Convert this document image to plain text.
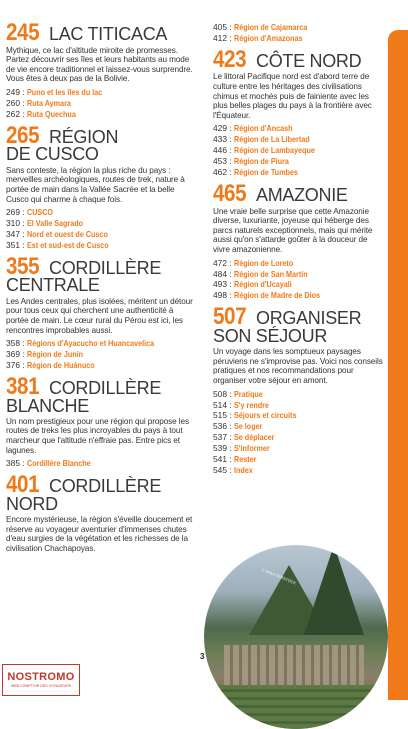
245 LAC TITICACA
Mythique, ce lac d'altitude miroite de promesses. Partez découvrir ses îles et leurs habitants au mode de vie encore traditionnel et laissez-vous surprendre. Vous êtes à deux pas de la Bolivie.
249 : Puno et les îles du lac
260 : Ruta Aymara
262 : Ruta Quechua
265 RÉGION
DE CUSCO
Sans conteste, la région la plus riche du pays : merveilles archéologiques, routes de trek, nature à portée de main dans la Vallée Sacrée et la belle Cusco qui charme à chaque fois.
269 : CUSCO
310 : El Valle Sagrado
347 : Nord et ouest de Cusco
351 : Est et sud-est de Cusco
355 CORDILLÈRE
CENTRALE
Les Andes centrales, plus isolées, méritent un détour pour tous ceux qui cherchent une authenticité à portée de main. Le cœur rural du Pérou est ici, les rencontres improbables aussi.
358 : Régions d'Ayacucho et Huancavelica
369 : Région de Junín
376 : Région de Huánuco
381 CORDILLÈRE
BLANCHE
Un nom prestigieux pour une région qui propose les routes de treks les plus incroyables du pays à tout marcheur que l'altitude n'effraie pas. Entre pics et lagunes.
385 : Cordillère Blanche
401 CORDILLÈRE
NORD
Encore mystérieuse, la région s'éveille doucement et réserve au voyageur aventurier d'immenses chutes d'eau surgies de la végétation et les richesses de la civilisation Chachapoyas.
405 : Région de Cajamarca
412 : Région d'Amazonas
423 CÔTE NORD
Le littoral Pacifique nord est d'abord terre de culture entre les héritages des civilisations chimus et mochés puis de fainiente avec les plus belles plages du pays à la frontière avec l'Équateur.
429 : Région d'Ancash
433 : Région de La Libertad
446 : Région de Lambayeque
453 : Région de Piura
462 : Région de Tumbes
465 AMAZONIE
Une vraie belle surprise que cette Amazonie diverse, luxuriante, joyeuse qui héberge des parcs naturels exceptionnels, mais qui mérite aussi qu'on s'attarde goûter à la douceur de vivre amazonienne.
472 : Région de Loreto
484 : Région de San Martín
493 : Région d'Ucayali
498 : Région de Madre de Dios
507 ORGANISER
SON SÉJOUR
Un voyage dans les somptueux paysages péruviens ne s'improvise pas. Voici nos conseils pratiques et nos recommandations pour organiser votre séjour en amont.
508 : Pratique
514 : S'y rendre
515 : Séjours et circuits
536 : Se loger
537 : Se déplacer
539 : S'informer
541 : Rester
545 : Index
© SHUTTERSTOCK
3
NOSTROMO
WEB COMPTOIR DES VOYAGEURS
